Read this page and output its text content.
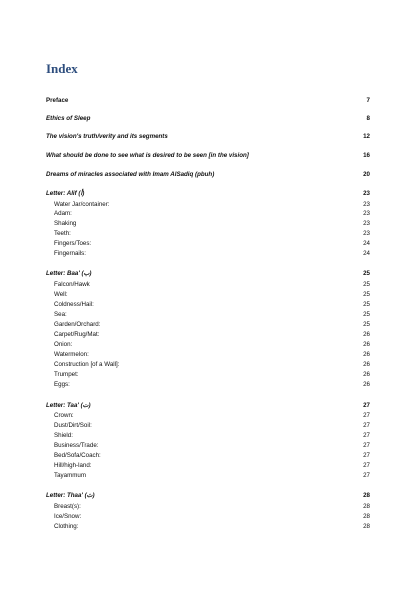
Index
Preface	7
Ethics of Sleep	8
The vision's truth/verity and its segments	12
What should be done to see what is desired to be seen [in the vision]	16
Dreams of miracles associated with Imam AlSadiq (pbuh)	20
Letter: Alif (أ)	23
Water Jar/container:	23
Adam:	23
Shaking	23
Teeth:	23
Fingers/Toes:	24
Fingernails:	24
Letter: Baa' (ب)	25
Falcon/Hawk	25
Well:	25
Coldness/Hail:	25
Sea:	25
Garden/Orchard:	25
Carpet/Rug/Mat:	26
Onion:	26
Watermelon:	26
Construction [of a Wall]:	26
Trumpet:	26
Eggs:	26
Letter: Taa' (ت)	27
Crown:	27
Dust/Dirt/Soil:	27
Shield:	27
Business/Trade:	27
Bed/Sofa/Coach:	27
Hill/high-land:	27
Tayammum	27
Letter: Thaa' (ث)	28
Breast(s):	28
Ice/Snow:	28
Clothing:	28
